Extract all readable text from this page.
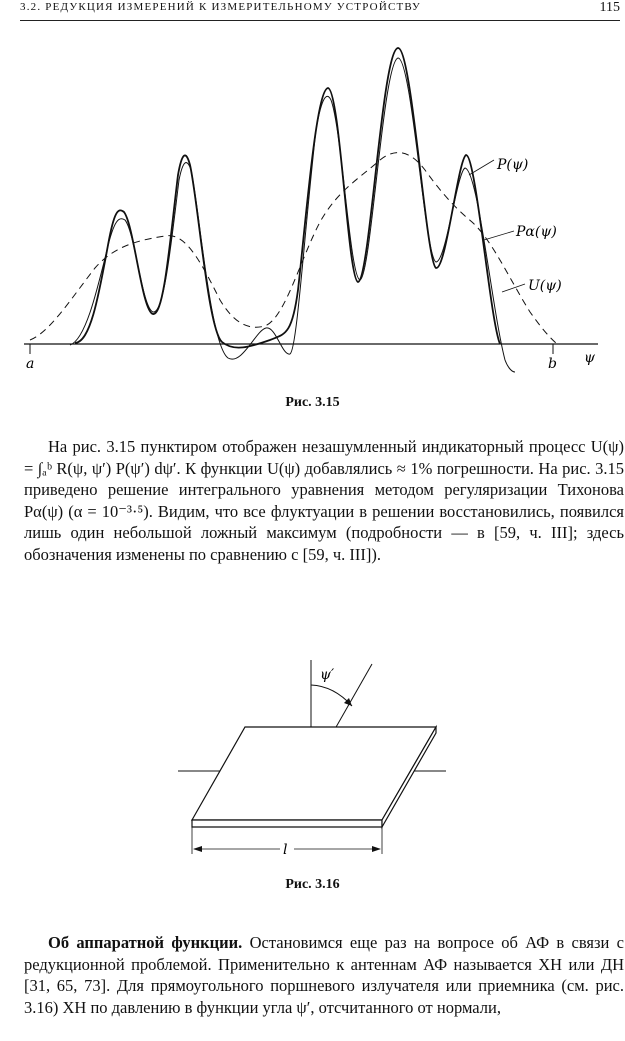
3.2. РЕДУКЦИЯ ИЗМЕРЕНИЙ К ИЗМЕРИТЕЛЬНОМУ УСТРОЙСТВУ	115
P(ψ)
Pα(ψ)
U(ψ)
a	b ψ
Рис. 3.15

На рис. 3.15 пунктиром отображен незашумленный индикаторный процесс U(ψ) = ∫ₐᵇ R(ψ, ψ′) P(ψ′) dψ′. К функции U(ψ) добавлялись ≈ 1% погрешности. На рис. 3.15 приведено решение интегрального уравнения методом регуляризации Тихонова Pα(ψ) (α = 10⁻³·⁵). Видим, что все флуктуации в решении восстановились, появился лишь один небольшой ложный максимум (подробности — в [59, ч. III]; здесь обозначения изменены по сравнению с [59, ч. III]).

l
ψ′
Рис. 3.16

Об аппаратной функции. Остановимся еще раз на вопросе об АФ в связи с редукционной проблемой. Применительно к антеннам АФ называется ХН или ДН [31, 65, 73]. Для прямоугольного поршневого излучателя или приемника (см. рис. 3.16) ХН по давлению в функции угла ψ′, отсчитанного от нормали,
